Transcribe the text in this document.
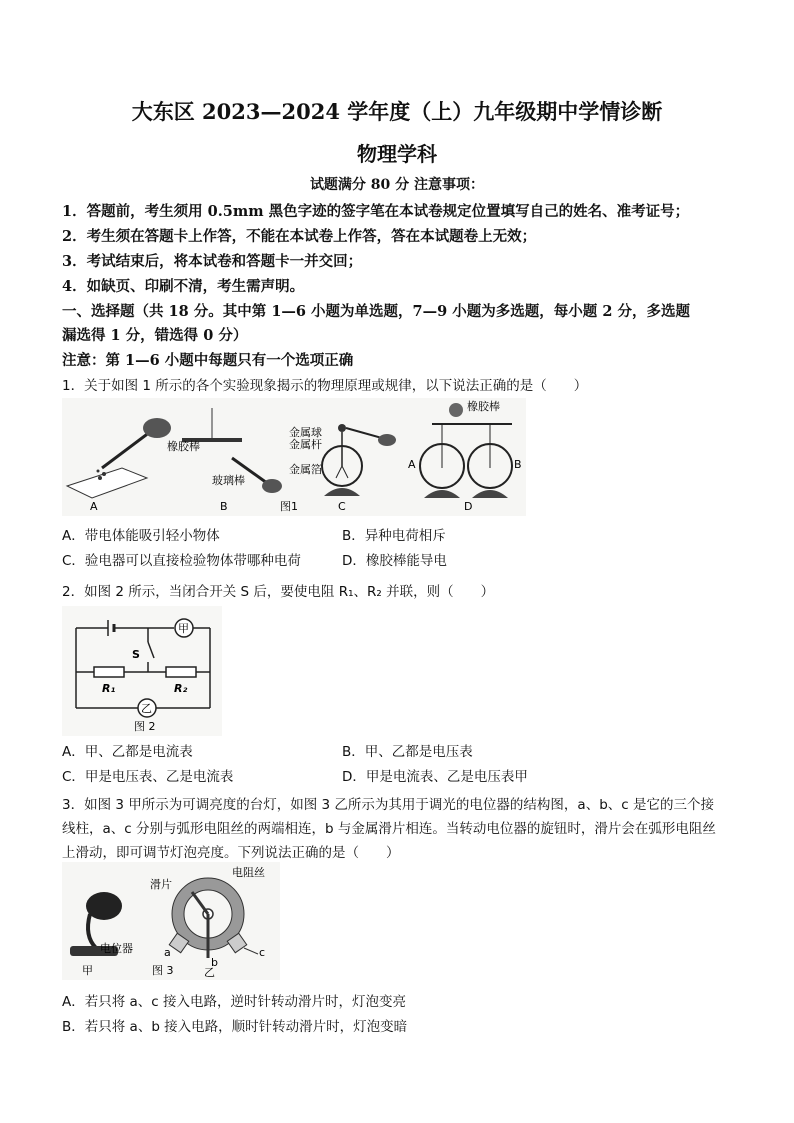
大东区 2023—2024 学年度（上）九年级期中学情诊断
物理学科
试题满分 80 分 注意事项：
1．答题前，考生须用 0.5mm 黑色字迹的签字笔在本试卷规定位置填写自己的姓名、准考证号；
2．考生须在答题卡上作答，不能在本试卷上作答，答在本试题卷上无效；
3．考试结束后，将本试卷和答题卡一并交回；
4．如缺页、印刷不清，考生需声明。
一、选择题（共 18 分。其中第 1—6 小题为单选题，7—9 小题为多选题，每小题 2 分，多选题
漏选得 1 分，错选得 0 分）
注意：第 1—6 小题中每题只有一个选项正确
1．关于如图 1 所示的各个实验现象揭示的物理原理或规律，以下说法正确的是（　　）
A
橡胶棒
玻璃棒
B	图1
金属球
金属杆
金属箔
C
橡胶棒
A	B
D
A．带电体能吸引轻小物体	B．异种电荷相斥
C．验电器可以直接检验物体带哪种电荷	D．橡胶棒能导电
2．如图 2 所示，当闭合开关 S 后，要使电阻 R₁、R₂ 并联，则（　　）
甲
S
R₁	R₂
乙
图 2
A．甲、乙都是电流表	B．甲、乙都是电压表
C．甲是电压表、乙是电流表	D．甲是电流表、乙是电压表甲
3．如图 3 甲所示为可调亮度的台灯，如图 3 乙所示为其用于调光的电位器的结构图，a、b、c 是它的三个接
线柱，a、c 分别与弧形电阻丝的两端相连，b 与金属滑片相连。当转动电位器的旋钮时，滑片会在弧形电阻丝
上滑动，即可调节灯泡亮度。下列说法正确的是（　　）
电位器
甲
滑片
电阻丝
a
b
c
图 3	乙
A．若只将 a、c 接入电路，逆时针转动滑片时，灯泡变亮
B．若只将 a、b 接入电路，顺时针转动滑片时，灯泡变暗
